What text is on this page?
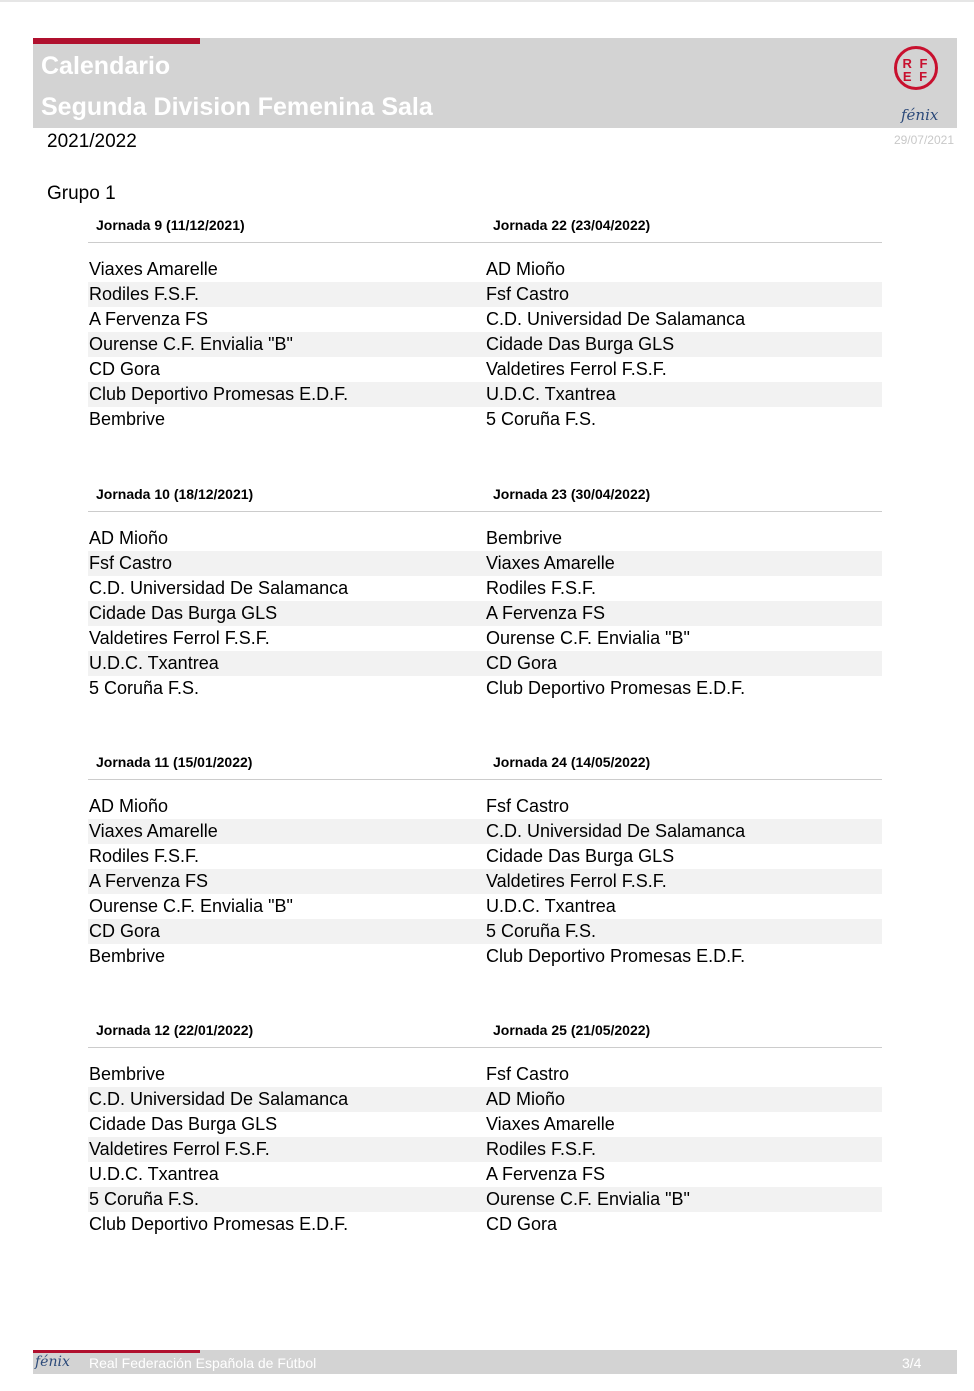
Calendario
Segunda Division Femenina Sala
R F
E F
fénix
2021/2022	29/07/2021
Grupo 1
Jornada 9 (11/12/2021)	Jornada 22 (23/04/2022)
Viaxes Amarelle	AD Mioño
Rodiles F.S.F.	Fsf Castro
A Fervenza FS	C.D. Universidad De Salamanca
Ourense C.F. Envialia "B"	Cidade Das Burga GLS
CD Gora	Valdetires Ferrol F.S.F.
Club Deportivo Promesas E.D.F.	U.D.C. Txantrea
Bembrive	5 Coruña F.S.
Jornada 10 (18/12/2021)	Jornada 23 (30/04/2022)
AD Mioño	Bembrive
Fsf Castro	Viaxes Amarelle
C.D. Universidad De Salamanca	Rodiles F.S.F.
Cidade Das Burga GLS	A Fervenza FS
Valdetires Ferrol F.S.F.	Ourense C.F. Envialia "B"
U.D.C. Txantrea	CD Gora
5 Coruña F.S.	Club Deportivo Promesas E.D.F.
Jornada 11 (15/01/2022)	Jornada 24 (14/05/2022)
AD Mioño	Fsf Castro
Viaxes Amarelle	C.D. Universidad De Salamanca
Rodiles F.S.F.	Cidade Das Burga GLS
A Fervenza FS	Valdetires Ferrol F.S.F.
Ourense C.F. Envialia "B"	U.D.C. Txantrea
CD Gora	5 Coruña F.S.
Bembrive	Club Deportivo Promesas E.D.F.
Jornada 12 (22/01/2022)	Jornada 25 (21/05/2022)
Bembrive	Fsf Castro
C.D. Universidad De Salamanca	AD Mioño
Cidade Das Burga GLS	Viaxes Amarelle
Valdetires Ferrol F.S.F.	Rodiles F.S.F.
U.D.C. Txantrea	A Fervenza FS
5 Coruña F.S.	Ourense C.F. Envialia "B"
Club Deportivo Promesas E.D.F.	CD Gora
fénix Real Federación Española de Fútbol	3/4
